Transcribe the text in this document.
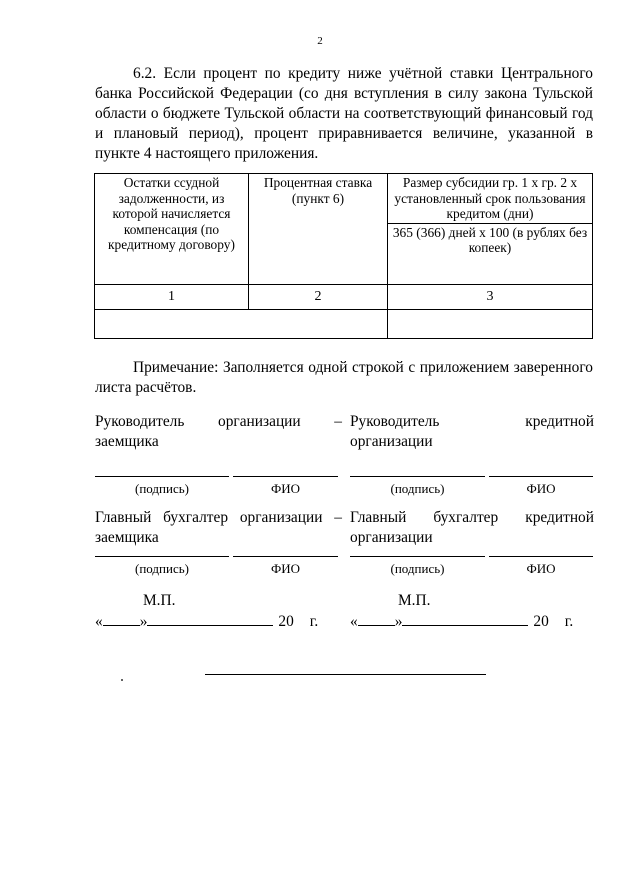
2

6.2. Если процент по кредиту ниже учётной ставки Центрального банка Российской Федерации (со дня вступления в силу закона Тульской области о бюджете Тульской области на соответствующий финансовый год и плановый период), процент приравнивается величине, указанной в пункте 4 настоящего приложения.

Остатки ссудной задолженности, из которой начисляется компенсация (по кредитному договору)	Процентная ставка (пункт 6)	Размер субсидии гр. 1 х гр. 2 х установленный срок пользования кредитом (дни)
		365 (366) дней х 100 (в рублях без копеек)
1	2	3

Примечание: Заполняется одной строкой с приложением заверенного листа расчётов.

Руководитель организации – заемщика
Руководитель кредитной организации
(подпись)	ФИО	(подпись)	ФИО
Главный бухгалтер организации – заемщика
Главный бухгалтер кредитной организации
(подпись)	ФИО	(подпись)	ФИО
М.П.	М.П.
« »	20 г. « »	20 г.
